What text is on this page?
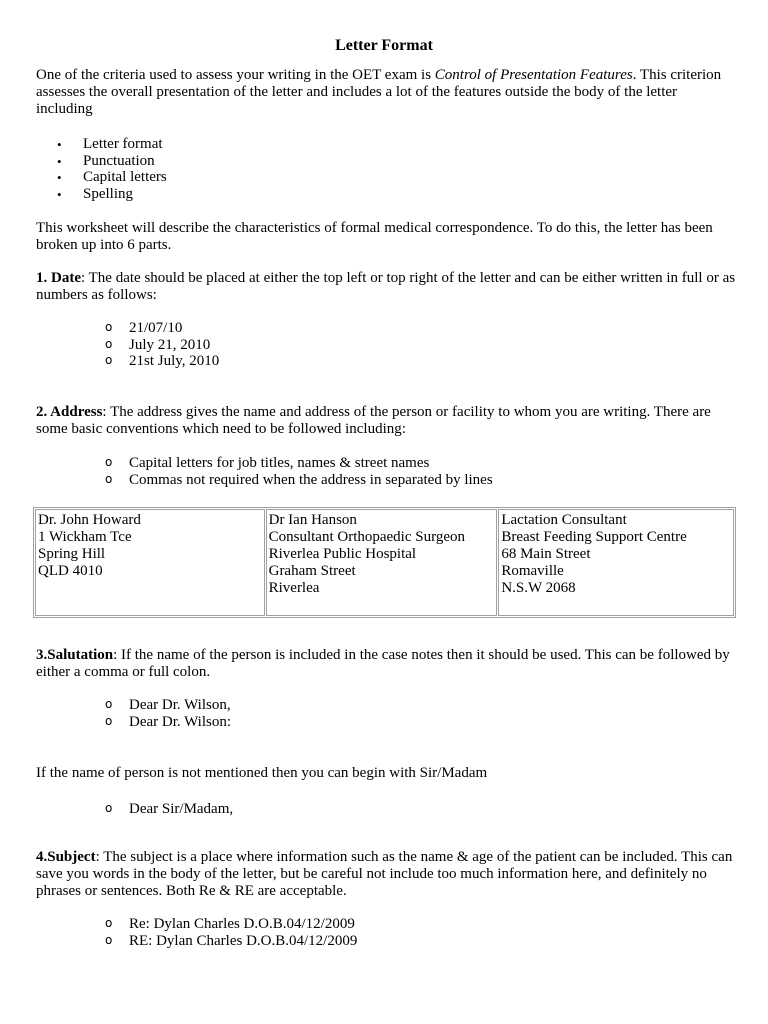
Letter Format

One of the criteria used to assess your writing in the OET exam is Control of Presentation Features. This criterion assesses the overall presentation of the letter and includes a lot of the features outside the body of the letter including

• Letter format
• Punctuation
• Capital letters
• Spelling

This worksheet will describe the characteristics of formal medical correspondence. To do this, the letter has been broken up into 6 parts.

1. Date: The date should be placed at either the top left or top right of the letter and can be either written in full or as numbers as follows:

o 21/07/10
o July 21, 2010
o 21st July, 2010

2. Address: The address gives the name and address of the person or facility to whom you are writing. There are some basic conventions which need to be followed including:

o Capital letters for job titles, names & street names
o Commas not required when the address in separated by lines
Dr. John Howard
1 Wickham Tce
Spring Hill
QLD 4010

Dr Ian Hanson
Consultant Orthopaedic Surgeon
Riverlea Public Hospital
Graham Street
Riverlea

Lactation Consultant
Breast Feeding Support Centre
68 Main Street
Romaville
N.S.W 2068

3.Salutation: If the name of the person is included in the case notes then it should be used. This can be followed by either a comma or full colon.

o Dear Dr. Wilson,
o Dear Dr. Wilson:

If the name of person is not mentioned then you can begin with Sir/Madam

o Dear Sir/Madam,

4.Subject: The subject is a place where information such as the name & age of the patient can be included. This can save you words in the body of the letter, but be careful not include too much information here, and definitely no phrases or sentences. Both Re & RE are acceptable.

o Re: Dylan Charles D.O.B.04/12/2009
o RE: Dylan Charles D.O.B.04/12/2009
